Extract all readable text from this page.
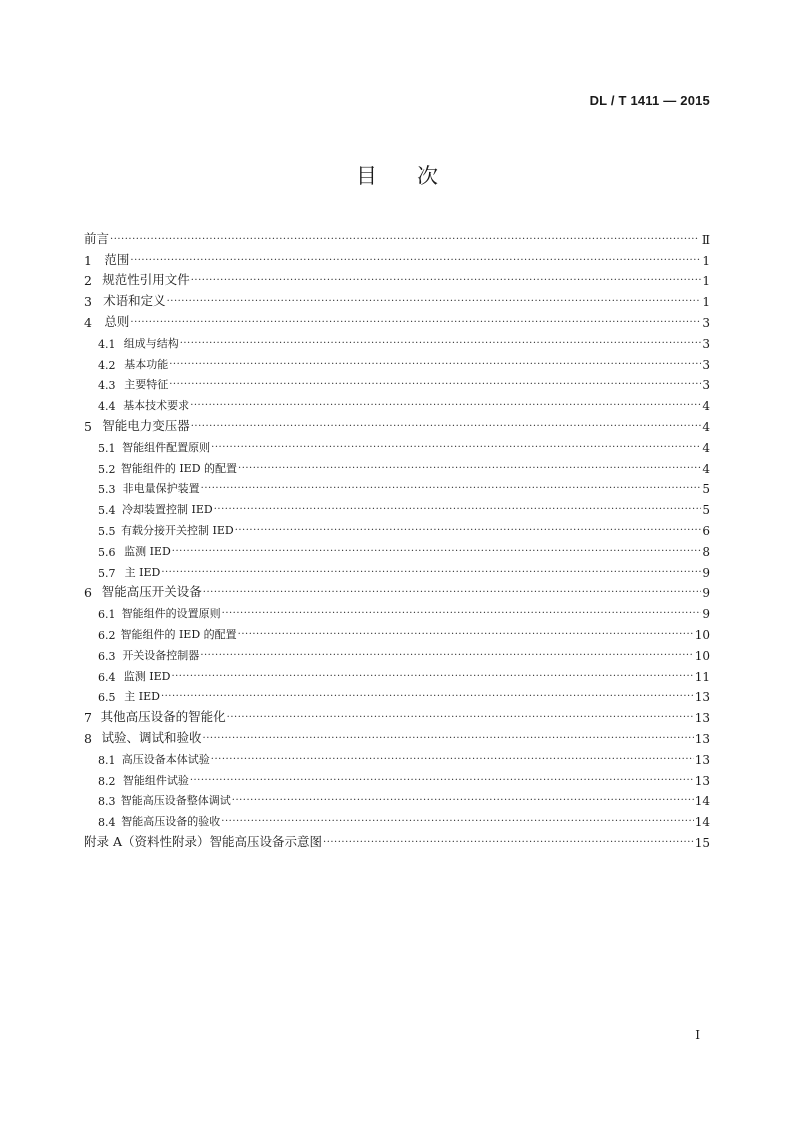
DL / T 1411 — 2015
目 次
前言 ·····	Ⅱ
1 范围 ·····	1
2 规范性引用文件 ·····	1
3 术语和定义 ·····	1
4 总则 ·····	3
4.1 组成与结构 ·····	3
4.2 基本功能 ·····	3
4.3 主要特征 ·····	3
4.4 基本技术要求 ·····	4
5 智能电力变压器 ·····	4
5.1 智能组件配置原则 ·····	4
5.2 智能组件的 IED 的配置 ·····	4
5.3 非电量保护装置 ·····	5
5.4 冷却装置控制 IED ·····	5
5.5 有载分接开关控制 IED ·····	6
5.6 监测 IED ·····	8
5.7 主 IED ·····	9
6 智能高压开关设备 ·····	9
6.1 智能组件的设置原则 ·····	9
6.2 智能组件的 IED 的配置 ·····	10
6.3 开关设备控制器 ·····	10
6.4 监测 IED ·····	11
6.5 主 IED ·····	13
7 其他高压设备的智能化 ·····	13
8 试验、调试和验收 ·····	13
8.1 高压设备本体试验 ·····	13
8.2 智能组件试验 ·····	13
8.3 智能高压设备整体调试 ·····	14
8.4 智能高压设备的验收 ·····	14
附录 A（资料性附录）智能高压设备示意图 ·····	15
I
